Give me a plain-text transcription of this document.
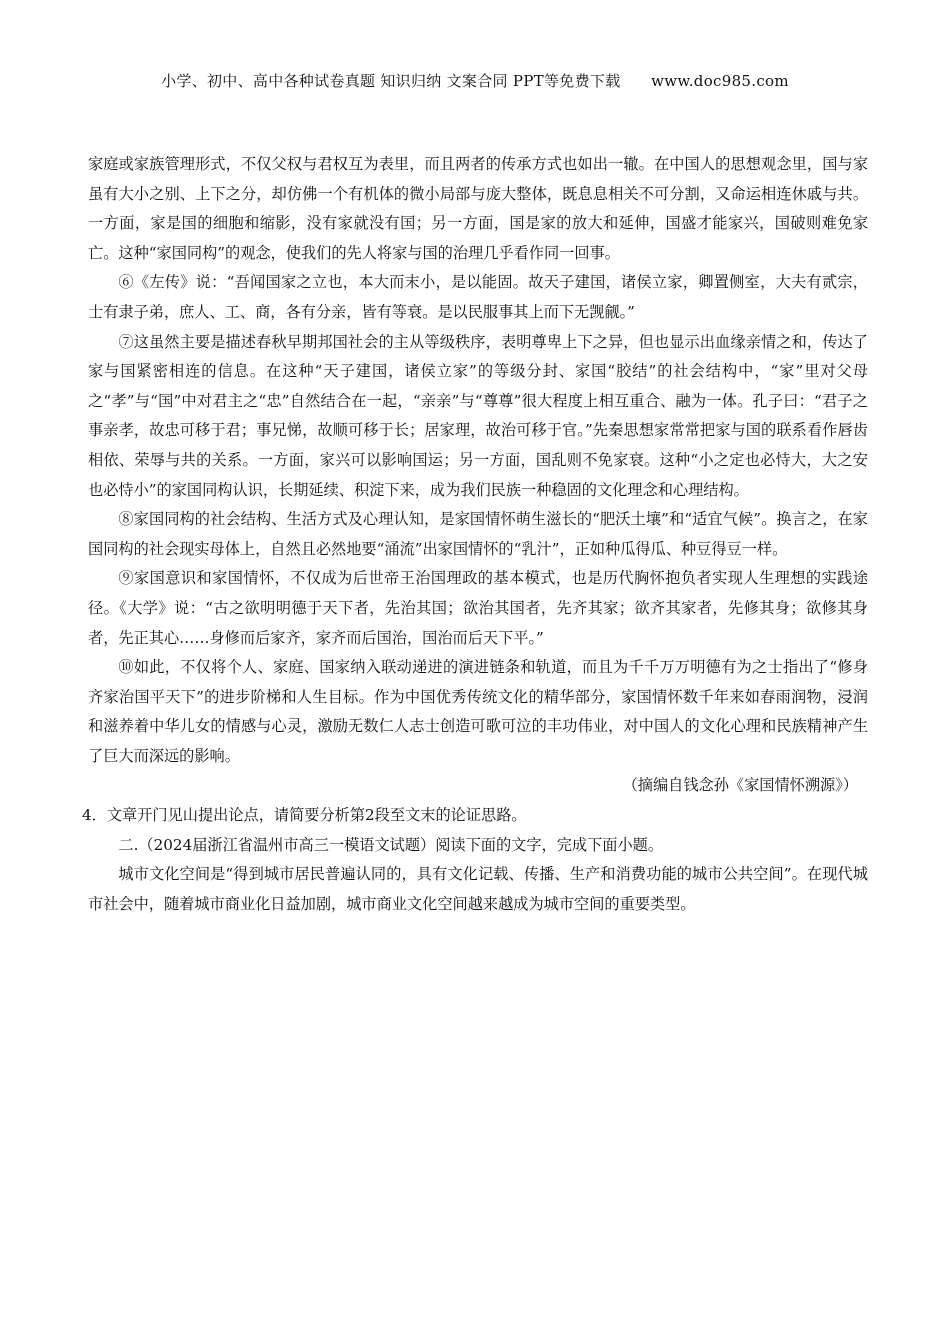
小学、初中、高中各种试卷真题 知识归纳 文案合同 PPT等免费下载　　www.doc985.com

家庭或家族管理形式，不仅父权与君权互为表里，而且两者的传承方式也如出一辙。在中国人的思想观念里，国与家虽有大小之别、上下之分，却仿佛一个有机体的微小局部与庞大整体，既息息相关不可分割，又命运相连休戚与共。一方面，家是国的细胞和缩影，没有家就没有国；另一方面，国是家的放大和延伸，国盛才能家兴，国破则难免家亡。这种“家国同构”的观念，使我们的先人将家与国的治理几乎看作同一回事。

⑥《左传》说：“吾闻国家之立也，本大而末小，是以能固。故天子建国，诸侯立家，卿置侧室，大夫有贰宗，士有隶子弟，庶人、工、商，各有分亲，皆有等衰。是以民服事其上而下无觊觎。”

⑦这虽然主要是描述春秋早期邦国社会的主从等级秩序，表明尊卑上下之异，但也显示出血缘亲情之和，传达了家与国紧密相连的信息。在这种“天子建国，诸侯立家”的等级分封、家国“胶结”的社会结构中，“家”里对父母之“孝”与“国”中对君主之“忠”自然结合在一起，“亲亲”与“尊尊”很大程度上相互重合、融为一体。孔子曰：“君子之事亲孝，故忠可移于君；事兄悌，故顺可移于长；居家理，故治可移于官。”先秦思想家常常把家与国的联系看作唇齿相依、荣辱与共的关系。一方面，家兴可以影响国运；另一方面，国乱则不免家衰。这种“小之定也必恃大，大之安也必恃小”的家国同构认识，长期延续、积淀下来，成为我们民族一种稳固的文化理念和心理结构。

⑧家国同构的社会结构、生活方式及心理认知，是家国情怀萌生滋长的“肥沃土壤”和“适宜气候”。换言之，在家国同构的社会现实母体上，自然且必然地要“涌流”出家国情怀的“乳汁”，正如种瓜得瓜、种豆得豆一样。

⑨家国意识和家国情怀，不仅成为后世帝王治国理政的基本模式，也是历代胸怀抱负者实现人生理想的实践途径。《大学》说：“古之欲明明德于天下者，先治其国；欲治其国者，先齐其家；欲齐其家者，先修其身；欲修其身者，先正其心……身修而后家齐，家齐而后国治，国治而后天下平。”

⑩如此，不仅将个人、家庭、国家纳入联动递进的演进链条和轨道，而且为千千万万明德有为之士指出了“修身齐家治国平天下”的进步阶梯和人生目标。作为中国优秀传统文化的精华部分，家国情怀数千年来如春雨润物，浸润和滋养着中华儿女的情感与心灵，激励无数仁人志士创造可歌可泣的丰功伟业，对中国人的文化心理和民族精神产生了巨大而深远的影响。

（摘编自钱念孙《家国情怀溯源》）

4．文章开门见山提出论点，请简要分析第2段至文末的论证思路。

二.（2024届浙江省温州市高三一模语文试题）阅读下面的文字，完成下面小题。

城市文化空间是“得到城市居民普遍认同的，具有文化记载、传播、生产和消费功能的城市公共空间”。在现代城市社会中，随着城市商业化日益加剧，城市商业文化空间越来越成为城市空间的重要类型。
